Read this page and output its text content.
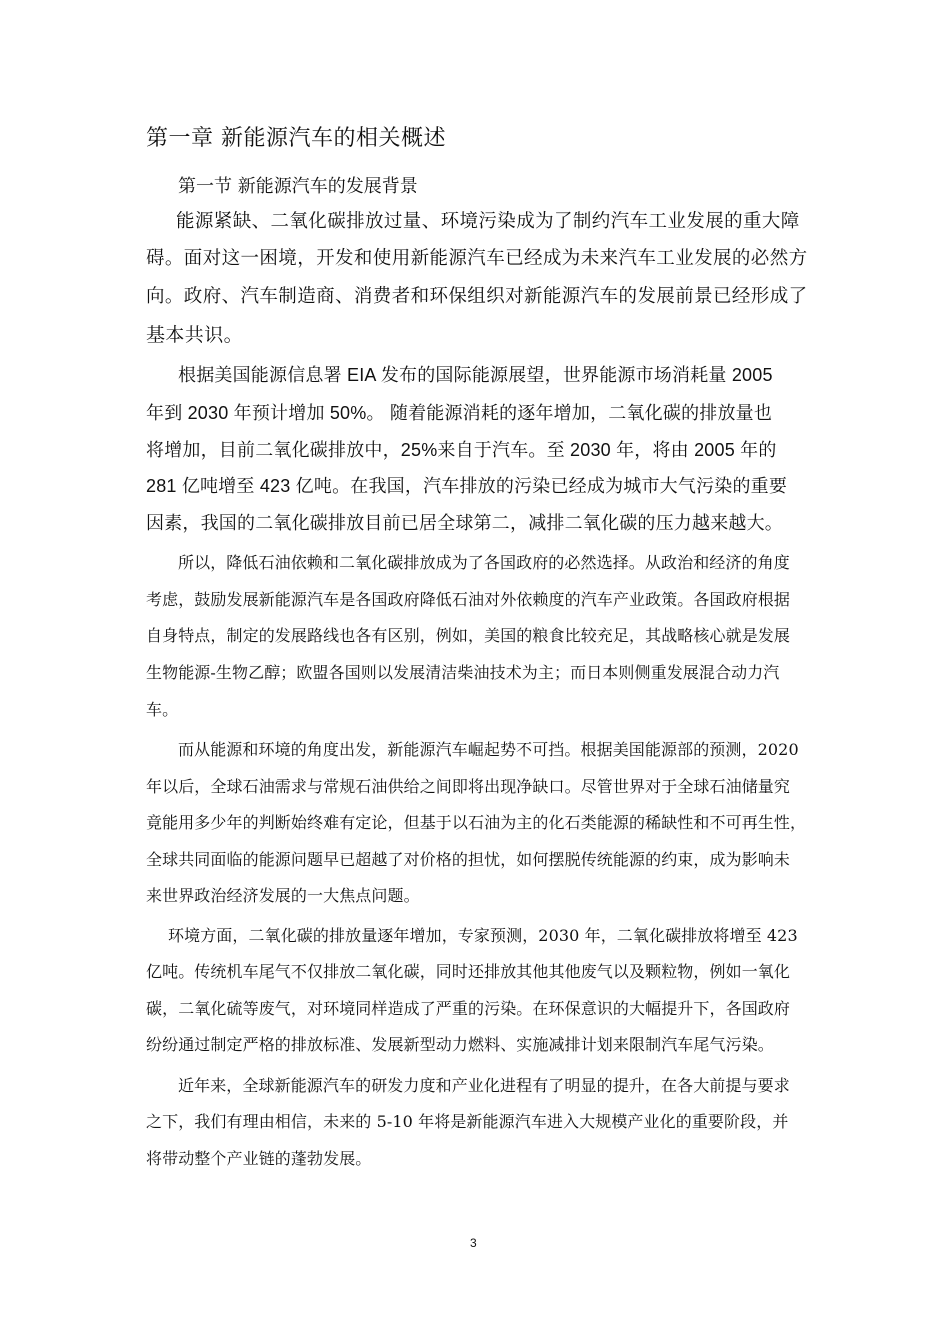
第一章 新能源汽车的相关概述
第一节 新能源汽车的发展背景
能源紧缺、二氧化碳排放过量、环境污染成为了制约汽车工业发展的重大障
碍。面对这一困境，开发和使用新能源汽车已经成为未来汽车工业发展的必然方
向。政府、汽车制造商、消费者和环保组织对新能源汽车的发展前景已经形成了
基本共识。
根据美国能源信息署 EIA 发布的国际能源展望，世界能源市场消耗量 2005
年到 2030 年预计增加 50%。 随着能源消耗的逐年增加，二氧化碳的排放量也
将增加，目前二氧化碳排放中，25%来自于汽车。至 2030 年，将由 2005 年的
281 亿吨增至 423 亿吨。在我国，汽车排放的污染已经成为城市大气污染的重要
因素，我国的二氧化碳排放目前已居全球第二，减排二氧化碳的压力越来越大。
所以，降低石油依赖和二氧化碳排放成为了各国政府的必然选择。从政治和经济的角度
考虑，鼓励发展新能源汽车是各国政府降低石油对外依赖度的汽车产业政策。各国政府根据
自身特点，制定的发展路线也各有区别，例如，美国的粮食比较充足，其战略核心就是发展
生物能源-生物乙醇；欧盟各国则以发展清洁柴油技术为主；而日本则侧重发展混合动力汽
车。
而从能源和环境的角度出发，新能源汽车崛起势不可挡。根据美国能源部的预测，2020
年以后，全球石油需求与常规石油供给之间即将出现净缺口。尽管世界对于全球石油储量究
竟能用多少年的判断始终难有定论，但基于以石油为主的化石类能源的稀缺性和不可再生性，
全球共同面临的能源问题早已超越了对价格的担忧，如何摆脱传统能源的约束，成为影响未
来世界政治经济发展的一大焦点问题。
环境方面，二氧化碳的排放量逐年增加，专家预测，2030 年，二氧化碳排放将增至 423
亿吨。传统机车尾气不仅排放二氧化碳，同时还排放其他其他废气以及颗粒物，例如一氧化
碳，二氧化硫等废气，对环境同样造成了严重的污染。在环保意识的大幅提升下，各国政府
纷纷通过制定严格的排放标准、发展新型动力燃料、实施减排计划来限制汽车尾气污染。
近年来，全球新能源汽车的研发力度和产业化进程有了明显的提升，在各大前提与要求
之下，我们有理由相信，未来的 5-10 年将是新能源汽车进入大规模产业化的重要阶段，并
将带动整个产业链的蓬勃发展。
3
